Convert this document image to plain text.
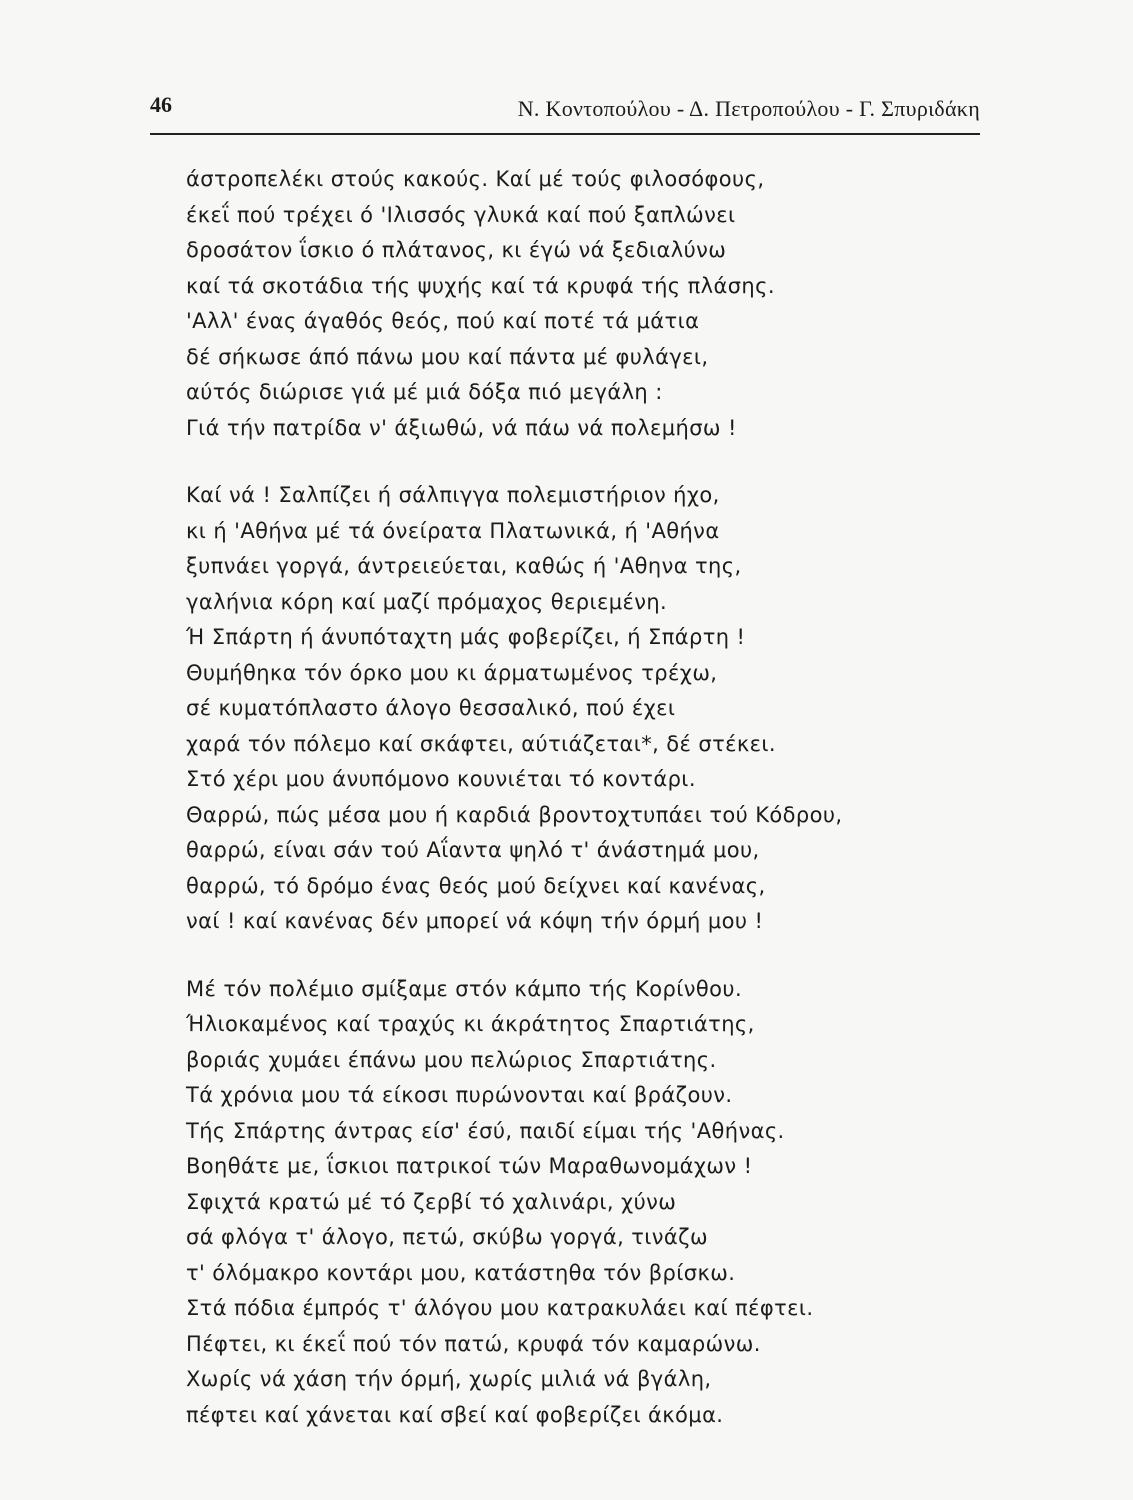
46	Ν. Κοντοπούλου - Δ. Πετροπούλου - Γ. Σπυριδάκη
άστροπελέκι στούς κακούς. Καί μέ τούς φιλοσόφους,
έκεΐ πού τρέχει ό 'Ιλισσός γλυκά καί πού ξαπλώνει
δροσάτον ΐσκιο ό πλάτανος, κι έγώ νά ξεδιαλύνω
καί τά σκοτάδια τής ψυχής καί τά κρυφά τής πλάσης.
'Αλλ' ένας άγαθός θεός, πού καί ποτέ τά μάτια
δέ σήκωσε άπό πάνω μου καί πάντα μέ φυλάγει,
αύτός διώρισε γιά μέ μιά δόξα πιό μεγάλη :
Γιά τήν πατρίδα ν' άξιωθώ, νά πάω νά πολεμήσω !
Καί νά ! Σαλπίζει ή σάλπιγγα πολεμιστήριον ήχο,
κι ή 'Αθήνα μέ τά όνείρατα Πλατωνικά, ή 'Αθήνα
ξυπνάει γοργά, άντρειεύεται, καθώς ή 'Αθηνα της,
γαλήνια κόρη καί μαζί πρόμαχος θεριεμένη.
Ή Σπάρτη ή άνυπόταχτη μάς φοβερίζει, ή Σπάρτη !
Θυμήθηκα τόν όρκο μου κι άρματωμένος τρέχω,
σέ κυματόπλαστο άλογο θεσσαλικό, πού έχει
χαρά τόν πόλεμο καί σκάφτει, αύτιάζεται*, δέ στέκει.
Στό χέρι μου άνυπόμονο κουνιέται τό κοντάρι.
Θαρρώ, πώς μέσα μου ή καρδιά βροντοχτυπάει τού Κόδρου,
θαρρώ, είναι σάν τού Αΐαντα ψηλό τ' άνάστημά μου,
θαρρώ, τό δρόμο ένας θεός μού δείχνει καί κανένας,
ναί ! καί κανένας δέν μπορεί νά κόψη τήν όρμή μου !
Μέ τόν πολέμιο σμίξαμε στόν κάμπο τής Κορίνθου.
Ήλιοκαμένος καί τραχύς κι άκράτητος Σπαρτιάτης,
βοριάς χυμάει έπάνω μου πελώριος Σπαρτιάτης.
Τά χρόνια μου τά είκοσι πυρώνονται καί βράζουν.
Τής Σπάρτης άντρας είσ' έσύ, παιδί είμαι τής 'Αθήνας.
Βοηθάτε με, ΐσκιοι πατρικοί τών Μαραθωνομάχων !
Σφιχτά κρατώ μέ τό ζερβί τό χαλινάρι, χύνω
σά φλόγα τ' άλογο, πετώ, σκύβω γοργά, τινάζω
τ' όλόμακρο κοντάρι μου, κατάστηθα τόν βρίσκω.
Στά πόδια έμπρός τ' άλόγου μου κατρακυλάει καί πέφτει.
Πέφτει, κι έκεΐ πού τόν πατώ, κρυφά τόν καμαρώνω.
Χωρίς νά χάση τήν όρμή, χωρίς μιλιά νά βγάλη,
πέφτει καί χάνεται καί σβεί καί φοβερίζει άκόμα.
